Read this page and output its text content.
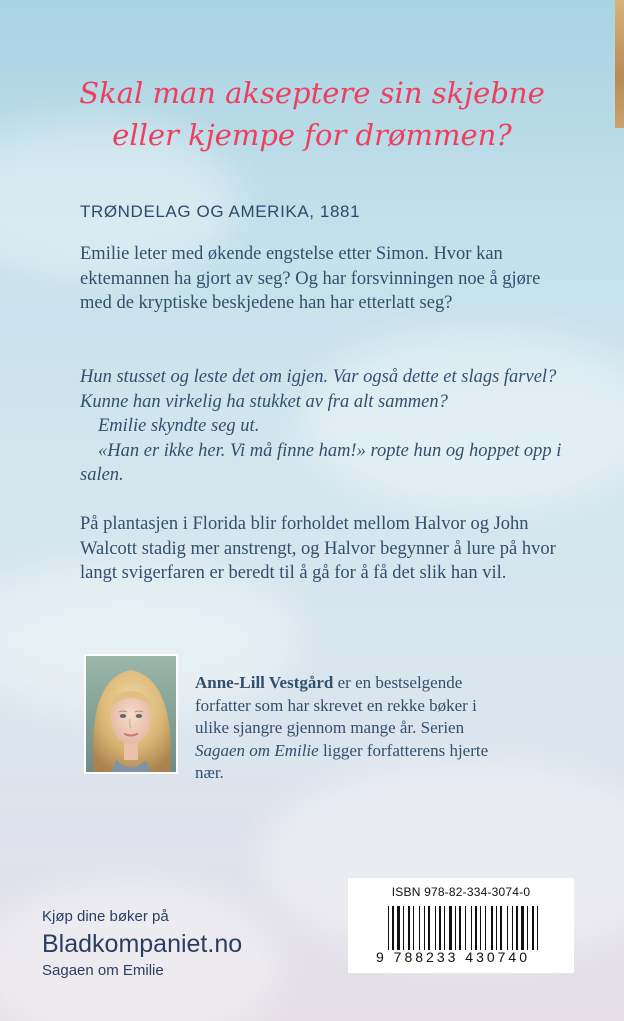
Skal man akseptere sin skjebne
eller kjempe for drømmen?
TRØNDELAG OG AMERIKA, 1881

Emilie leter med økende engstelse etter Simon. Hvor kan ektemannen ha gjort av seg? Og har forsvinningen noe å gjøre med de kryptiske beskjedene han har etterlatt seg?

Hun stusset og leste det om igjen. Var også dette et slags farvel? Kunne han virkelig ha stukket av fra alt sammen?
Emilie skyndte seg ut.
«Han er ikke her. Vi må finne ham!» ropte hun og hoppet opp i salen.

På plantasjen i Florida blir forholdet mellom Halvor og John Walcott stadig mer anstrengt, og Halvor begynner å lure på hvor langt svigerfaren er beredt til å gå for å få det slik han vil.

Anne-Lill Vestgård er en bestselgende forfatter som har skrevet en rekke bøker i ulike sjangre gjennom mange år. Serien Sagaen om Emilie ligger forfatterens hjerte nær.

Kjøp dine bøker på
Bladkompaniet.no
Sagaen om Emilie
ISBN 978-82-334-3074-0
9 788233 430740
